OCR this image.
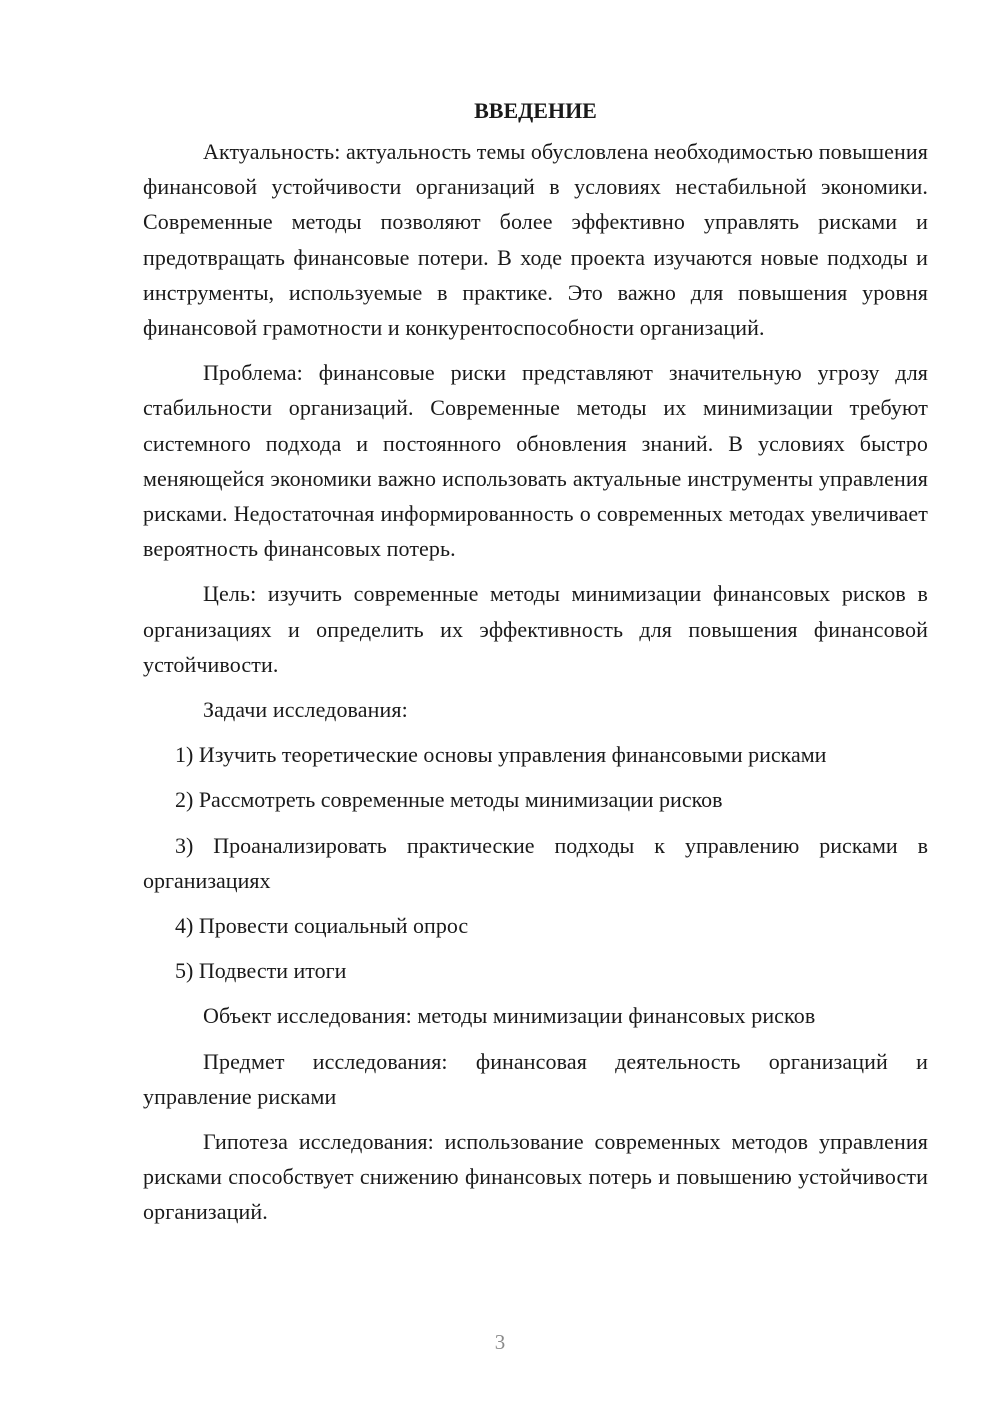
ВВЕДЕНИЕ

Актуальность: актуальность темы обусловлена необходимостью повышения финансовой устойчивости организаций в условиях нестабильной экономики. Современные методы позволяют более эффективно управлять рисками и предотвращать финансовые потери. В ходе проекта изучаются новые подходы и инструменты, используемые в практике. Это важно для повышения уровня финансовой грамотности и конкурентоспособности организаций.

Проблема: финансовые риски представляют значительную угрозу для стабильности организаций. Современные методы их минимизации требуют системного подхода и постоянного обновления знаний. В условиях быстро меняющейся экономики важно использовать актуальные инструменты управления рисками. Недостаточная информированность о современных методах увеличивает вероятность финансовых потерь.

Цель: изучить современные методы минимизации финансовых рисков в организациях и определить их эффективность для повышения финансовой устойчивости.

Задачи исследования:

1) Изучить теоретические основы управления финансовыми рисками

2) Рассмотреть современные методы минимизации рисков

3) Проанализировать практические подходы к управлению рисками в организациях

4) Провести социальный опрос

5) Подвести итоги

Объект исследования: методы минимизации финансовых рисков

Предмет исследования: финансовая деятельность организаций и управление рисками

Гипотеза исследования: использование современных методов управления рисками способствует снижению финансовых потерь и повышению устойчивости организаций.

3
